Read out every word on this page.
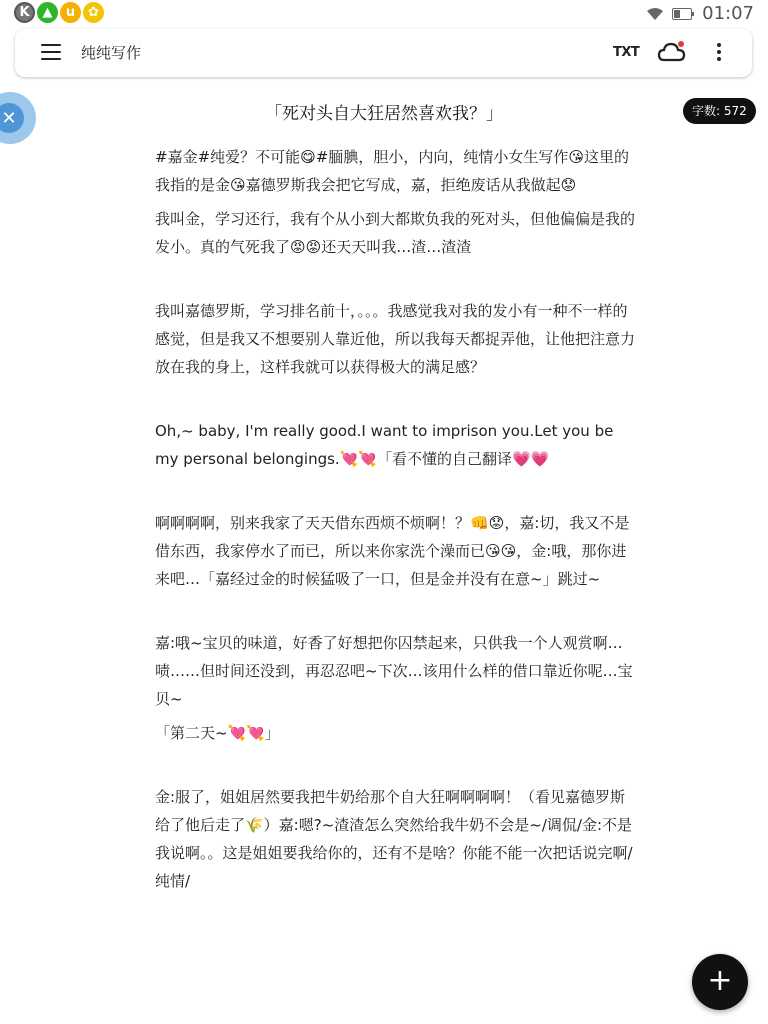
K ▲	u ✿	01:07
纯纯写作	TXT
✕	字数: 572
「死对头自大狂居然喜欢我？」

#嘉金#纯爱？不可能😋#腼腆，胆小，内向，纯情小女生写作😘这里的我指的是金😘嘉德罗斯我会把它写成，嘉，拒绝废话从我做起😟

我叫金，学习还行，我有个从小到大都欺负我的死对头，但他偏偏是我的发小。真的气死我了😡😡还天天叫我…渣…渣渣

我叫嘉德罗斯，学习排名前十，。。。我感觉我对我的发小有一种不一样的感觉，但是我又不想要别人靠近他，所以我每天都捉弄他，让他把注意力放在我的身上，这样我就可以获得极大的满足感？

Oh,~ baby, I'm really good.I want to imprison you.Let you be my personal belongings.💘💘「看不懂的自己翻译💗💗

啊啊啊啊，别来我家了天天借东西烦不烦啊！？👊😟，嘉:切，我又不是借东西，我家停水了而已，所以来你家洗个澡而已😘😘，金:哦，那你进来吧…「嘉经过金的时候猛吸了一口，但是金并没有在意~」跳过~

嘉:哦~宝贝的味道，好香了好想把你囚禁起来，只供我一个人观赏啊…啧……但时间还没到，再忍忍吧~下次…该用什么样的借口靠近你呢…宝贝~

「第二天~💘💘」

金:服了，姐姐居然要我把牛奶给那个自大狂啊啊啊啊！（看见嘉德罗斯给了他后走了🌾）嘉:嗯?~渣渣怎么突然给我牛奶不会是~/调侃/金:不是我说啊。。这是姐姐要我给你的，还有不是啥？你能不能一次把话说完啊/纯情/

+
